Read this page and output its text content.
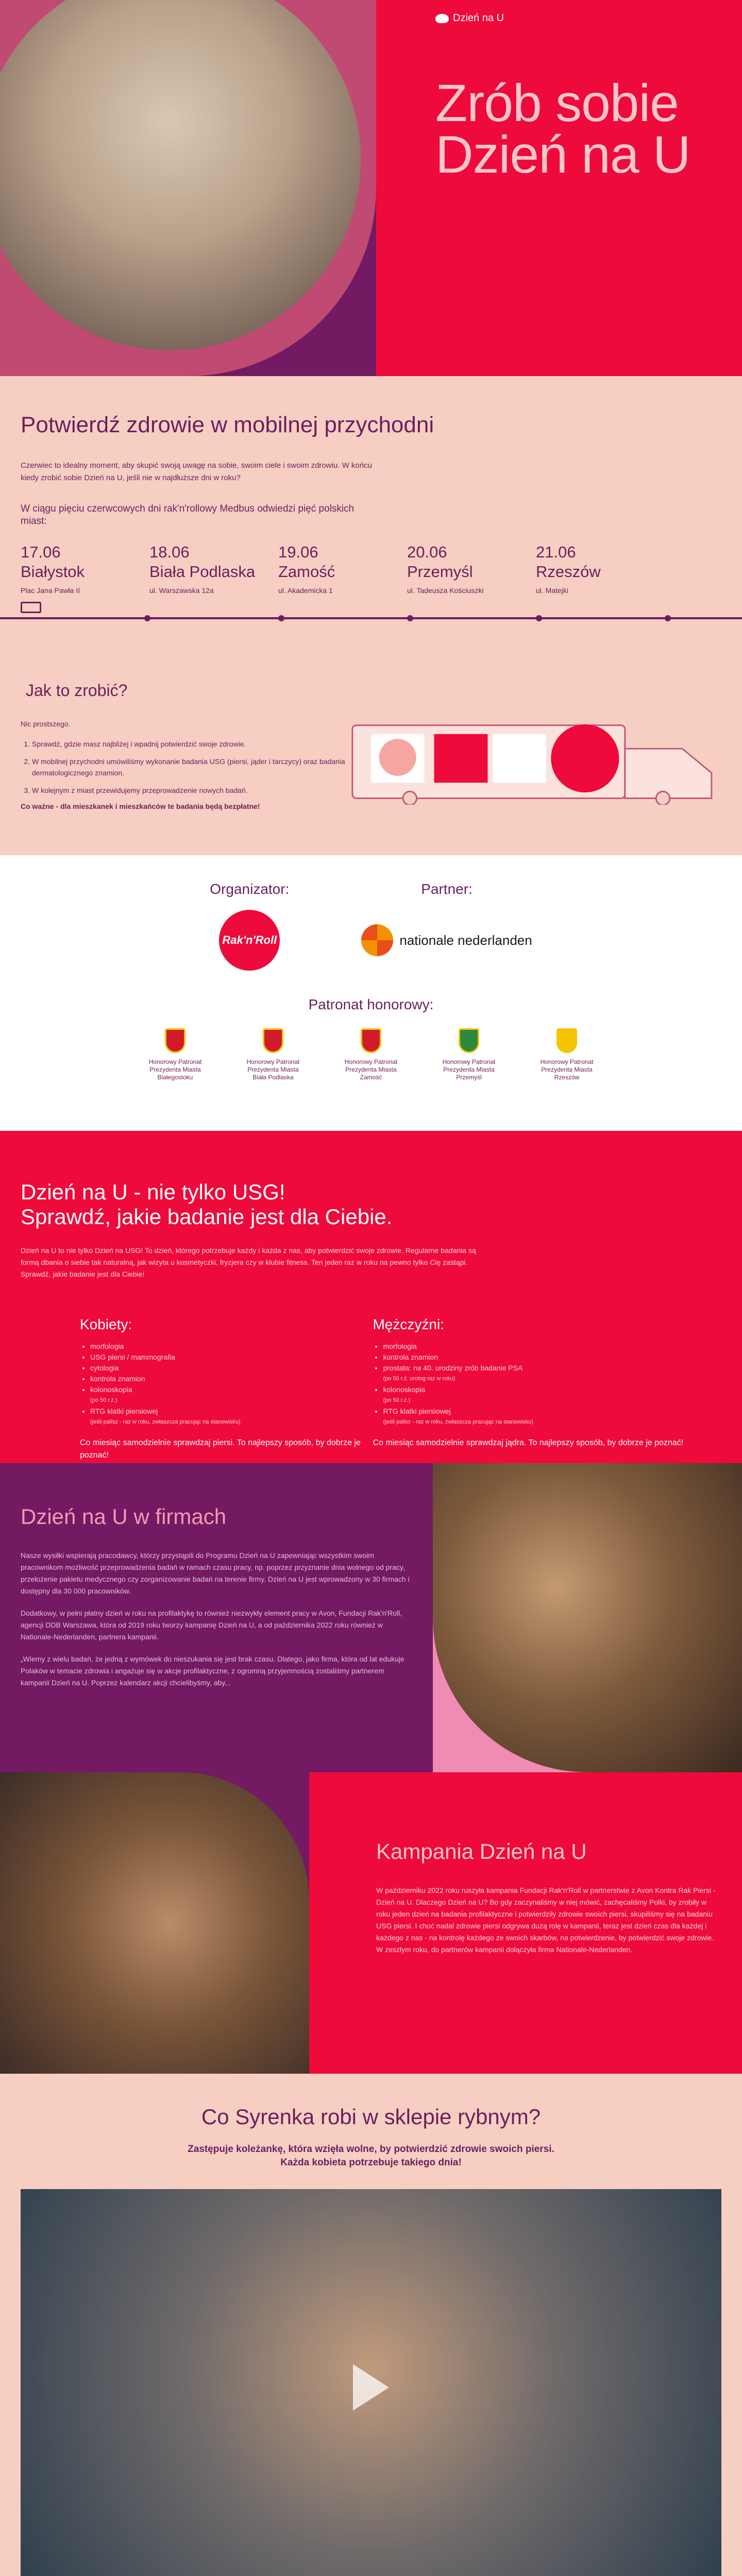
Dzień na U
Zrób sobie Dzień na U
Potwierdź zdrowie w mobilnej przychodni

Czerwiec to idealny moment, aby skupić swoją uwagę na sobie, swoim ciele i swoim zdrowiu. W końcu kiedy zrobić sobie Dzień na U, jeśli nie w najdłuższe dni w roku?

W ciągu pięciu czerwcowych dni rak'n'rollowy Medbus odwiedzi pięć polskich miast:

17.06
Białystok
Plac Jana Pawła II
18.06
Biała Podlaska
ul. Warszawska 12a
19.06
Zamość
ul. Akademicka 1
20.06
Przemyśl
ul. Tadeusza Kościuszki
21.06
Rzeszów
ul. Matejki
Jak to zrobić?
Nic prostszego.
1. Sprawdź, gdzie masz najbliżej i wpadnij potwierdzić swoje zdrowie.
2. W mobilnej przychodni umówiliśmy wykonanie badania USG (piersi, jąder i tarczycy) oraz badania dermatologicznego znamion.
3. W kolejnym z miast przewidujemy przeprowadzenie nowych badań.
Co ważne - dla mieszkanek i mieszkańców te badania będą bezpłatne!
Organizator:
Rak'n'Roll
Partner:
nationale nederlanden
Patronat honorowy:
Honorowy Patronat Prezydenta Miasta Białegostoku
Honorowy Patronat Prezydenta Miasta Biała Podlaska
Honorowy Patronat Prezydenta Miasta Zamość
Honorowy Patronat Prezydenta Miasta Przemyśl
Honorowy Patronat Prezydenta Miasta Rzeszów
Dzień na U - nie tylko USG!
Sprawdź, jakie badanie jest dla Ciebie.

Dzień na U to nie tylko Dzień na USG! To dzień, którego potrzebuje każdy i każda z nas, aby potwierdzić swoje zdrowie. Regularne badania są formą dbania o siebie tak naturalną, jak wizyta u kosmetyczki, fryzjera czy w klubie fitness. Ten jeden raz w roku na pewno tylko Cię zastąpi. Sprawdź, jakie badanie jest dla Ciebie!

Kobiety:
• morfologia
• USG piersi / mammografia
• cytologia
• kontrola znamion
• kolonoskopia
(po 50 r.ż.)
• RTG klatki piersiowej
(jeśli palisz - raz w roku, zwłaszcza pracując na stanowisku)
Co miesiąc samodzielnie sprawdzaj piersi. To najlepszy sposób, by dobrze je poznać!
Mężczyźni:
• morfologia
• kontrola znamion
• prostata: na 40. urodziny zrób badanie PSA
(po 50 r.ż. urolog raz w roku)
• kolonoskopia
(po 50 r.ż.)
• RTG klatki piersiowej
(jeśli palisz - raz w roku, zwłaszcza pracując na stanowisku)
Co miesiąc samodzielnie sprawdzaj jądra. To najlepszy sposób, by dobrze je poznać!
Dzień na U w firmach

Nasze wysiłki wspierają pracodawcy, którzy przystąpili do Programu Dzień na U zapewniając wszystkim swoim pracownikom możliwość przeprowadzenia badań w ramach czasu pracy, np. poprzez przyznanie dnia wolnego od pracy, przełożenie pakietu medycznego czy zorganizowanie badań na terenie firmy. Dzień na U jest wprowadzony w 30 firmach i dostępny dla 30 000 pracowników.

Dodatkowy, w pełni płatny dzień w roku na profilaktykę to również niezwykły element pracy w Avon, Fundacji Rak'n'Roll, agencji DDB Warszawa, która od 2019 roku tworzy kampanię Dzień na U, a od października 2022 roku również w Nationale-Nederlanden, partnera kampanii.

„Wiemy z wielu badań, że jedną z wymówek do nieszukania się jest brak czasu. Dlatego, jako firma, która od lat edukuje Polaków w temacie zdrowia i angażuje się w akcje profilaktyczne, z ogromną przyjemnością zostaliśmy partnerem kampanii Dzień na U. Poprzez kalendarz akcji chcielibyśmy, aby...

Kampania Dzień na U

W październiku 2022 roku ruszyła kampania Fundacji Rak'n'Roll w partnerstwie z Avon Kontra Rak Piersi - Dzień na U. Dlaczego Dzień na U? Bo gdy zaczynaliśmy w niej mówić, zachęcaliśmy Polki, by zrobiły w roku jeden dzień na badania profilaktyczne i potwierdziły zdrowie swoich piersi, skupiliśmy się na badaniu USG piersi. I choć nadal zdrowie piersi odgrywa dużą rolę w kampanii, teraz jest dzień czas dla każdej i każdego z nas - na kontrolę każdego ze swoich skarbów, na potwierdzenie, by potwierdzić swoje zdrowie. W zeszłym roku, do partnerów kampanii dołączyła firma Nationale-Nederlanden.

Co Syrenka robi w sklepie rybnym?
Zastępuje koleżankę, która wzięła wolne, by potwierdzić zdrowie swoich piersi.
Każda kobieta potrzebuje takiego dnia!
